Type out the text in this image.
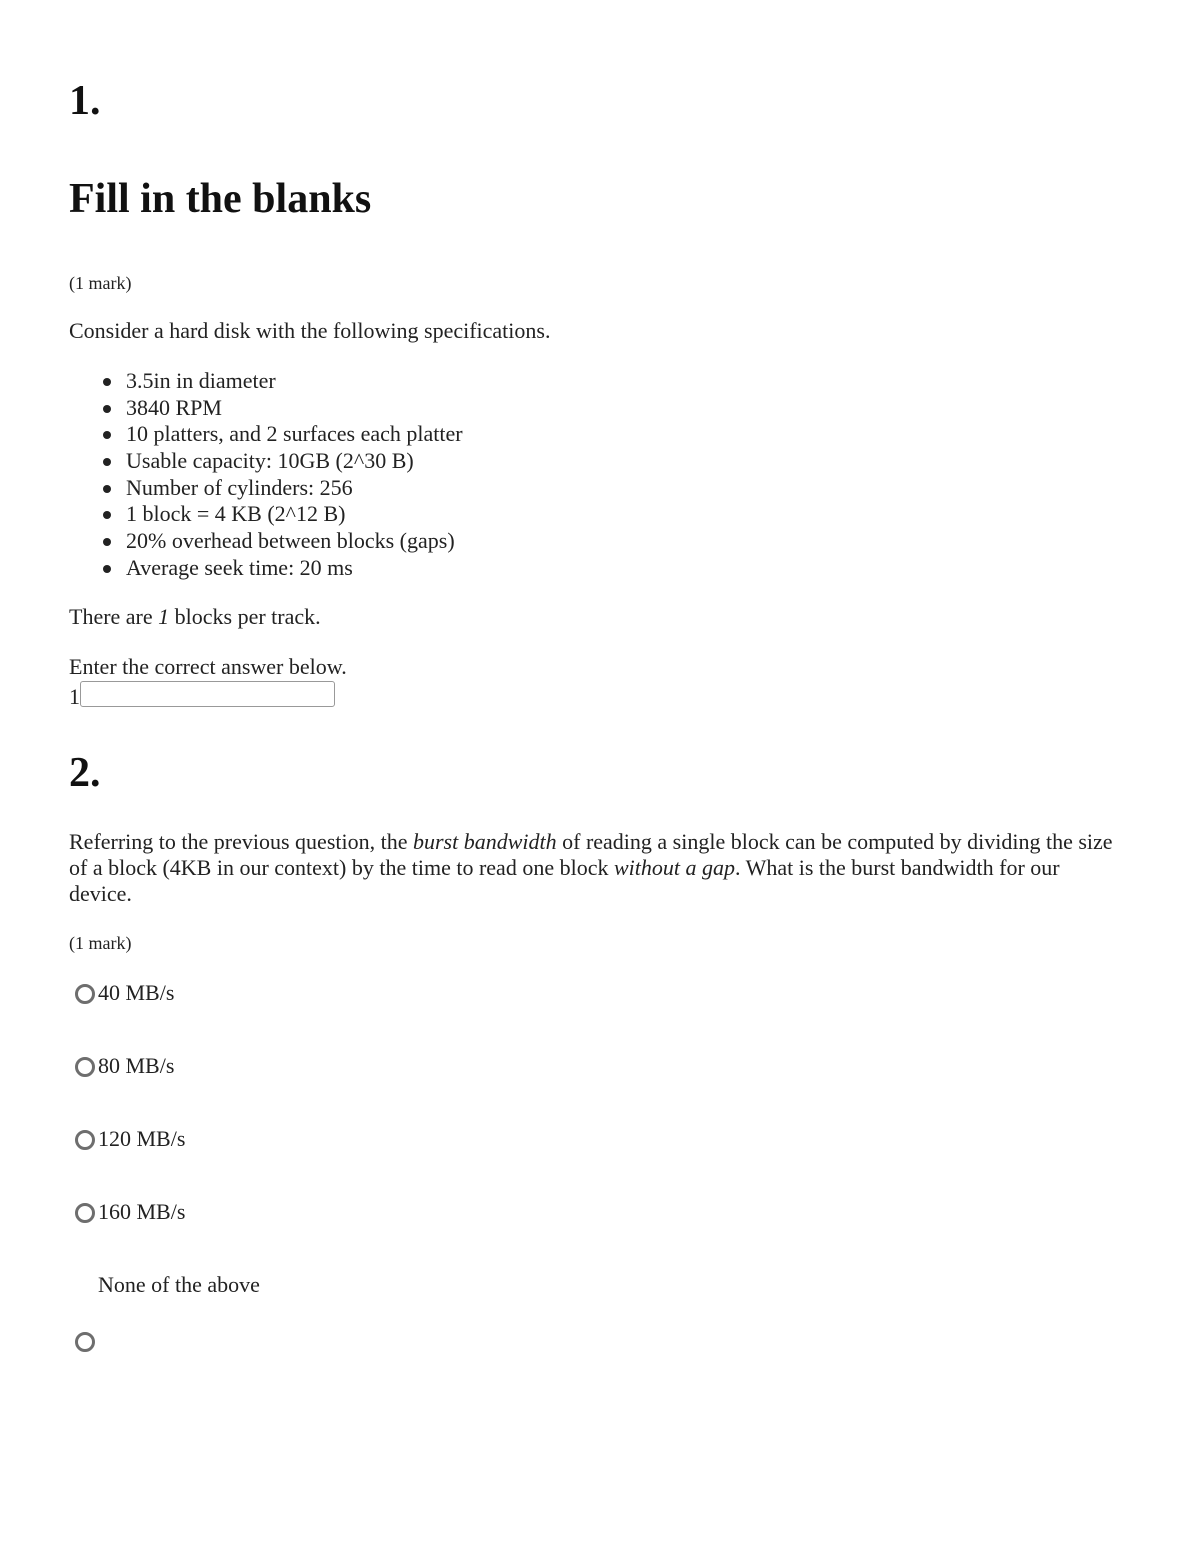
1.
Fill in the blanks
(1 mark)

Consider a hard disk with the following specifications.

3.5in in diameter
3840 RPM
10 platters, and 2 surfaces each platter
Usable capacity: 10GB (2^30 B)
Number of cylinders: 256
1 block = 4 KB (2^12 B)
20% overhead between blocks (gaps)
Average seek time: 20 ms

There are 1 blocks per track.

Enter the correct answer below.

1
2.

Referring to the previous question, the burst bandwidth of reading a single block can be computed by dividing the size of a block (4KB in our context) by the time to read one block without a gap. What is the burst bandwidth for our device.

(1 mark)
40 MB/s
80 MB/s
120 MB/s
160 MB/s
None of the above
